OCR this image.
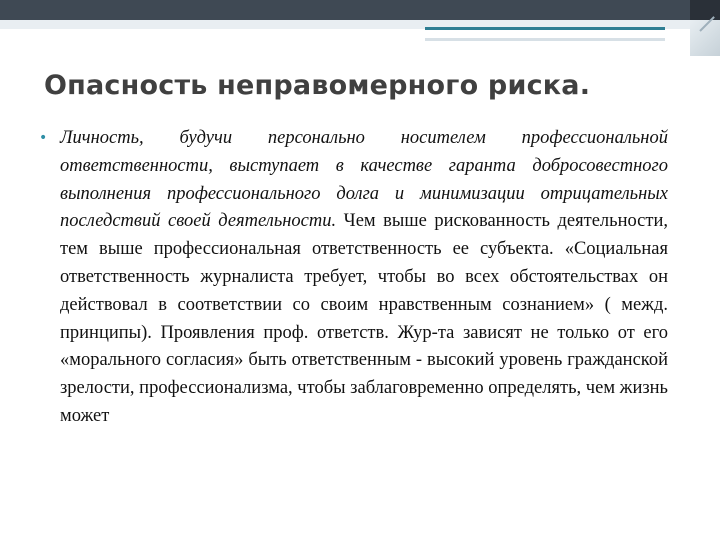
Опасность неправомерного риска.
• Личность, будучи персонально носителем профессиональной ответственности, выступает в качестве гаранта добросовестного выполнения профессионального долга и минимизации отрицательных последствий своей деятельности. Чем выше рискованность деятельности, тем выше профессиональная ответственность ее субъекта. «Социальная ответственность журналиста требует, чтобы во всех обстоятельствах он действовал в соответствии со своим нравственным сознанием» ( межд. принципы). Проявления проф. ответств. Жур-та зависят не только от его «морального согласия» быть ответственным - высокий уровень гражданской зрелости, профессионализма, чтобы заблаговременно определять, чем жизнь может
